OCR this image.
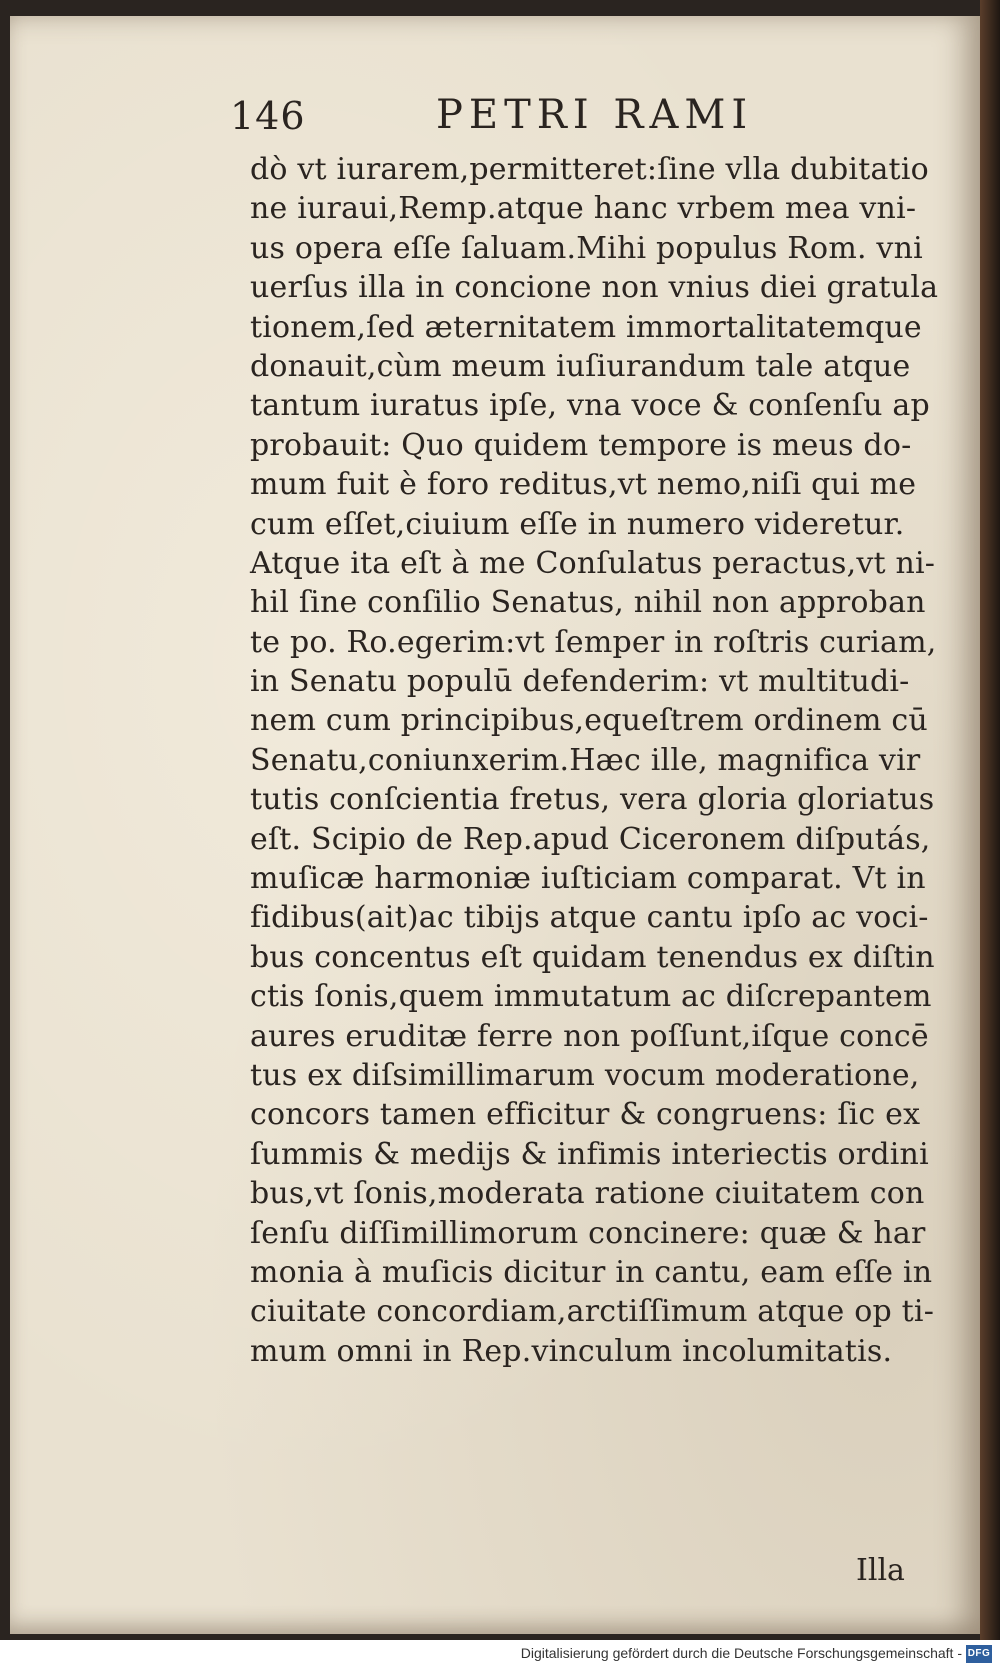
146	PETRI RAMI
dò vt iurarem,permitteret:ſine vlla dubitatio
ne iuraui,Remp.atque hanc vrbem mea vni-
us opera eſſe ſaluam.Mihi populus Rom. vni
uerſus illa in concione non vnius diei gratula
tionem,ſed æternitatem immortalitatemque
donauit,cùm meum iuſiurandum tale atque
tantum iuratus ipſe, vna voce & conſenſu ap
probauit: Quo quidem tempore is meus do-
mum fuit è foro reditus,vt nemo,niſi qui me
cum eſſet,ciuium eſſe in numero videretur.
Atque ita eſt à me Conſulatus peractus,vt ni-
hil ſine conſilio Senatus, nihil non approban
te po. Ro.egerim:vt ſemper in roſtris curiam,
in Senatu populū defenderim: vt multitudi-
nem cum principibus,equeſtrem ordinem cū
Senatu,coniunxerim.Hæc ille, magnifica vir
tutis conſcientia fretus, vera gloria gloriatus
eſt. Scipio de Rep.apud Ciceronem diſputás,
muſicæ harmoniæ iuſticiam comparat. Vt in
fidibus(ait)ac tibijs atque cantu ipſo ac voci-
bus concentus eſt quidam tenendus ex diſtin
ctis ſonis,quem immutatum ac diſcrepantem
aures eruditæ ferre non poſſunt,iſque concē
tus ex diſsimillimarum vocum moderatione,
concors tamen efficitur & congruens: ſic ex
ſummis & medijs & infimis interiectis ordini
bus,vt ſonis,moderata ratione ciuitatem con
ſenſu diſſimillimorum concinere: quæ & har
monia à muſicis dicitur in cantu, eam eſſe in
ciuitate concordiam,arctiſſimum atque op ti-
mum omni in Rep.vinculum incolumitatis.
Illa
Digitalisierung gefördert durch die Deutsche Forschungsgemeinschaft - DFG
